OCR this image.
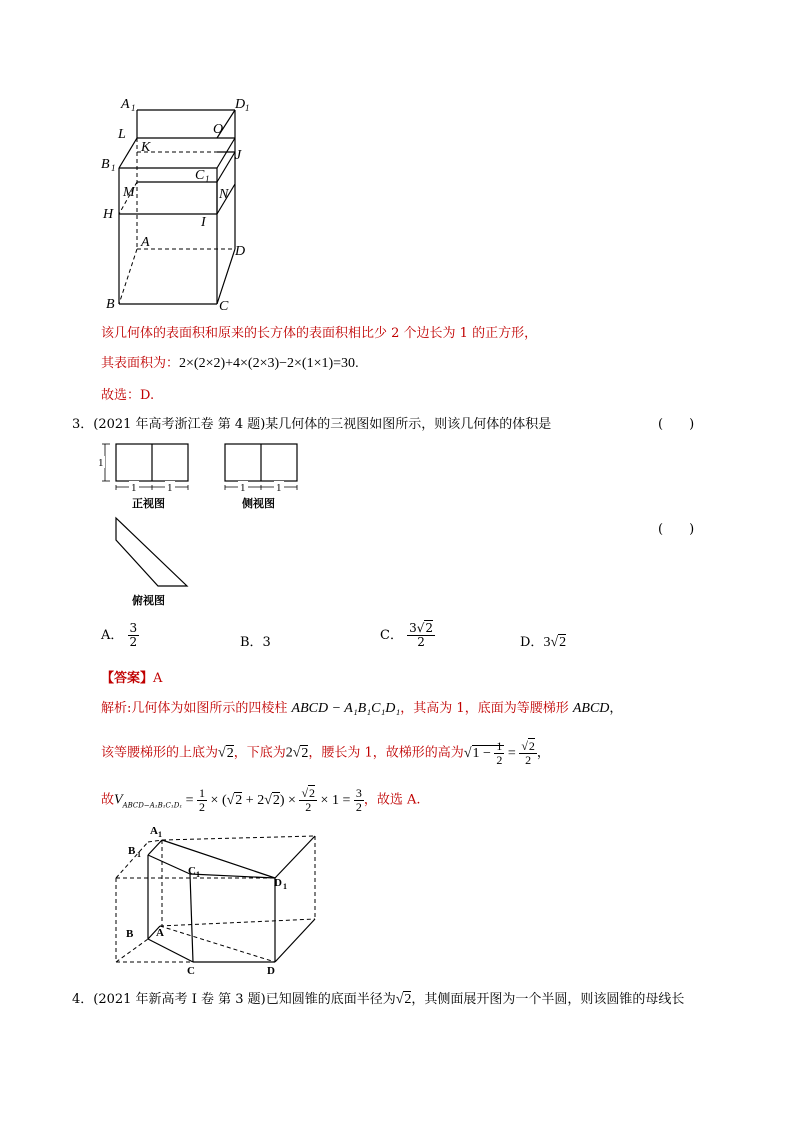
A 1	D 1
L	O
B 1
K
J
C 1
M	N
H
I
A
D
B	C
该几何体的表面积和原来的长方体的表面积相比少 2 个边长为 1 的正方形，
其表面积为：2×(2×2)+4×(2×3)−2×(1×1)=30.
故选：D.
3．(2021 年高考浙江卷 第 4 题)某几何体的三视图如图所示，则该几何体的体积是	(　　)
(　　)
1
1	1	1	1
正视图	侧视图
俯视图
A． $\frac{3}{2}$	B．3	C． $\frac{3√2}{2}$	D．3√2
【答案】A
解析:几何体为如图所示的四棱柱 ABCD − A₁B₁C₁D₁，其高为 1，底面为等腰梯形 ABCD，
该等腰梯形的上底为√2，下底为2√2，腰长为 1，故梯形的高为$√1 - \frac{1}{2} = \frac{√2}{2}$ ，
故$V_{ABCD-A_1B_1C_1D_1} = \frac{1}{2} \times (√2 + 2√2) \times \frac{√2}{2} \times 1 = \frac{3}{2}$ ，故选 A.
A 1
B 1
C 1
D 1
B A
C	D
4．(2021 年新高考 I 卷 第 3 题)已知圆锥的底面半径为√2，其侧面展开图为一个半圆，则该圆锥的母线长
